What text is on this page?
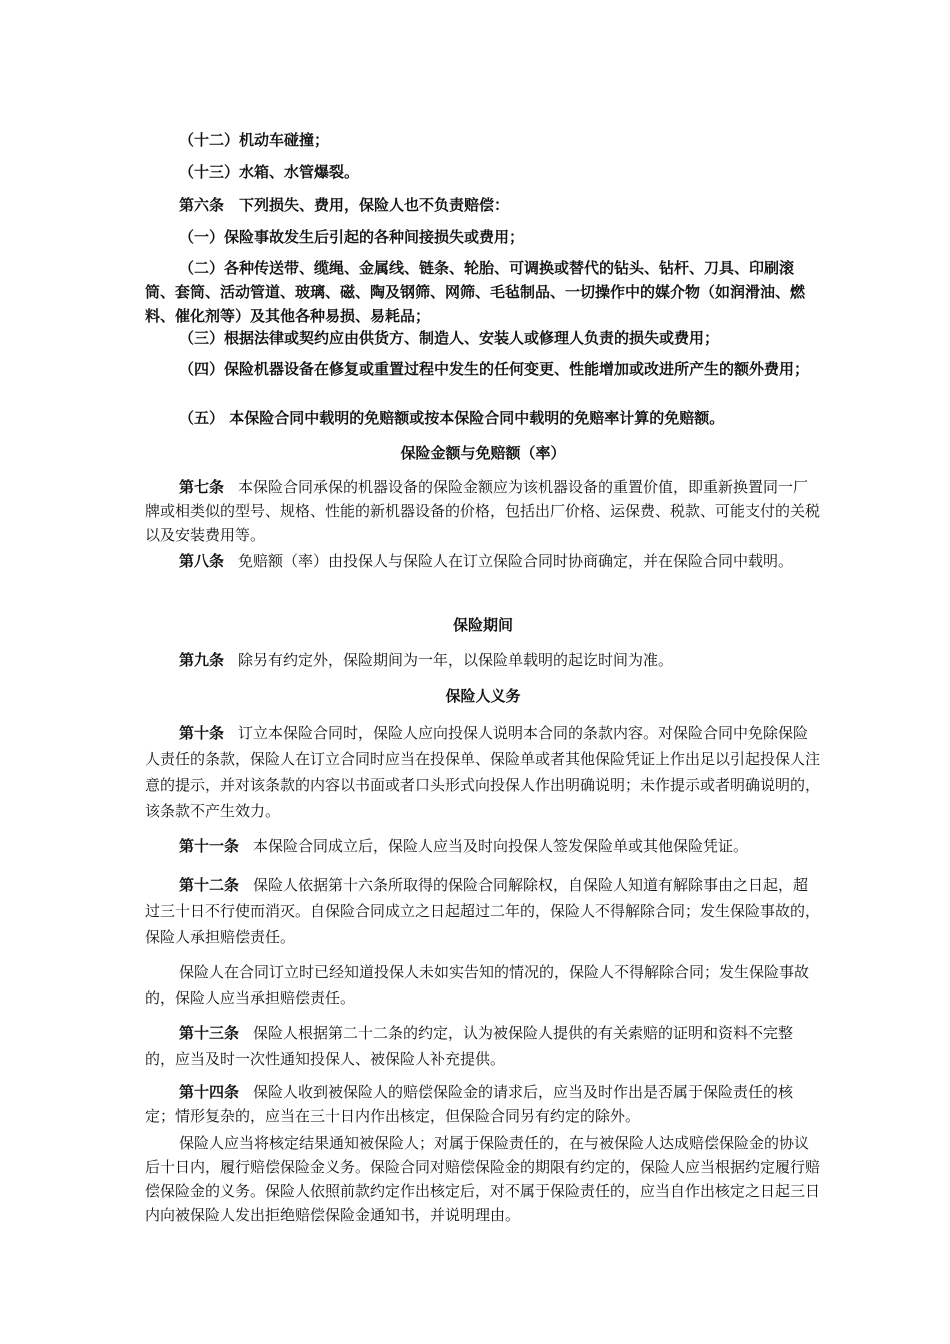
（十二）机动车碰撞；
（十三）水箱、水管爆裂。
第六条　下列损失、费用，保险人也不负责赔偿：
（一）保险事故发生后引起的各种间接损失或费用；
（二）各种传送带、缆绳、金属线、链条、轮胎、可调换或替代的钻头、钻杆、刀具、印刷滚筒、套筒、活动管道、玻璃、磁、陶及钢筛、网筛、毛毡制品、一切操作中的媒介物（如润滑油、燃料、催化剂等）及其他各种易损、易耗品；
（三）根据法律或契约应由供货方、制造人、安装人或修理人负责的损失或费用；
（四）保险机器设备在修复或重置过程中发生的任何变更、性能增加或改进所产生的额外费用；
（五） 本保险合同中载明的免赔额或按本保险合同中载明的免赔率计算的免赔额。
保险金额与免赔额（率）
第七条 本保险合同承保的机器设备的保险金额应为该机器设备的重置价值，即重新换置同一厂牌或相类似的型号、规格、性能的新机器设备的价格，包括出厂价格、运保费、税款、可能支付的关税以及安装费用等。
第八条 免赔额（率）由投保人与保险人在订立保险合同时协商确定，并在保险合同中载明。
保险期间
第九条 除另有约定外，保险期间为一年，以保险单载明的起讫时间为准。
保险人义务
第十条 订立本保险合同时，保险人应向投保人说明本合同的条款内容。对保险合同中免除保险人责任的条款，保险人在订立合同时应当在投保单、保险单或者其他保险凭证上作出足以引起投保人注意的提示，并对该条款的内容以书面或者口头形式向投保人作出明确说明；未作提示或者明确说明的，该条款不产生效力。
第十一条 本保险合同成立后，保险人应当及时向投保人签发保险单或其他保险凭证。
第十二条 保险人依据第十六条所取得的保险合同解除权，自保险人知道有解除事由之日起，超过三十日不行使而消灭。自保险合同成立之日起超过二年的，保险人不得解除合同；发生保险事故的，保险人承担赔偿责任。
保险人在合同订立时已经知道投保人未如实告知的情况的，保险人不得解除合同；发生保险事故的，保险人应当承担赔偿责任。
第十三条 保险人根据第二十二条的约定，认为被保险人提供的有关索赔的证明和资料不完整的，应当及时一次性通知投保人、被保险人补充提供。
第十四条 保险人收到被保险人的赔偿保险金的请求后，应当及时作出是否属于保险责任的核定；情形复杂的，应当在三十日内作出核定，但保险合同另有约定的除外。
保险人应当将核定结果通知被保险人；对属于保险责任的，在与被保险人达成赔偿保险金的协议后十日内，履行赔偿保险金义务。保险合同对赔偿保险金的期限有约定的，保险人应当根据约定履行赔偿保险金的义务。保险人依照前款约定作出核定后，对不属于保险责任的，应当自作出核定之日起三日内向被保险人发出拒绝赔偿保险金通知书，并说明理由。
